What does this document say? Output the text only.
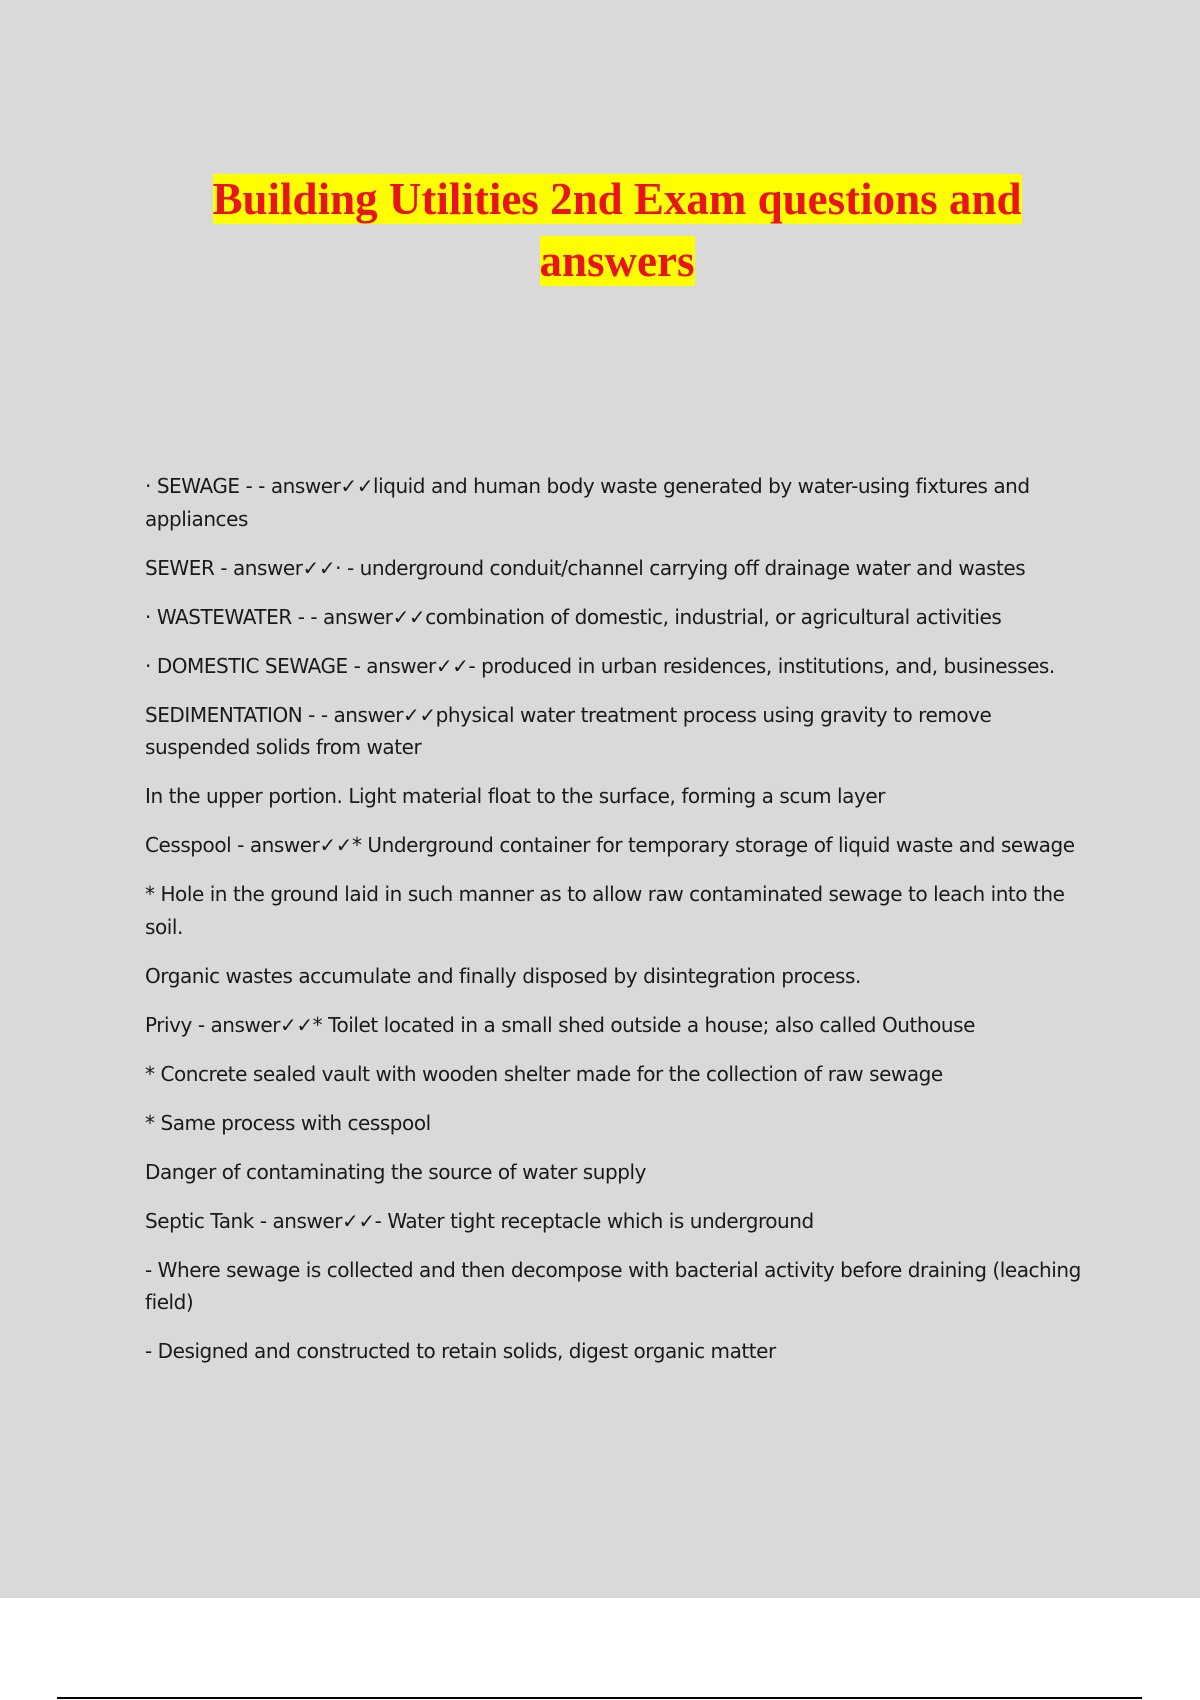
Building Utilities 2nd Exam questions and
answers

· SEWAGE - - answer✓✓liquid and human body waste generated by water-using fixtures and appliances

SEWER - answer✓✓· - underground conduit/channel carrying off drainage water and wastes

· WASTEWATER - - answer✓✓combination of domestic, industrial, or agricultural activities

· DOMESTIC SEWAGE - answer✓✓- produced in urban residences, institutions, and, businesses.

SEDIMENTATION - - answer✓✓physical water treatment process using gravity to remove suspended solids from water

In the upper portion. Light material float to the surface, forming a scum layer

Cesspool - answer✓✓* Underground container for temporary storage of liquid waste and sewage

* Hole in the ground laid in such manner as to allow raw contaminated sewage to leach into the soil.

Organic wastes accumulate and finally disposed by disintegration process.

Privy - answer✓✓* Toilet located in a small shed outside a house; also called Outhouse

* Concrete sealed vault with wooden shelter made for the collection of raw sewage

* Same process with cesspool

Danger of contaminating the source of water supply

Septic Tank - answer✓✓- Water tight receptacle which is underground

- Where sewage is collected and then decompose with bacterial activity before draining (leaching field)

- Designed and constructed to retain solids, digest organic matter
